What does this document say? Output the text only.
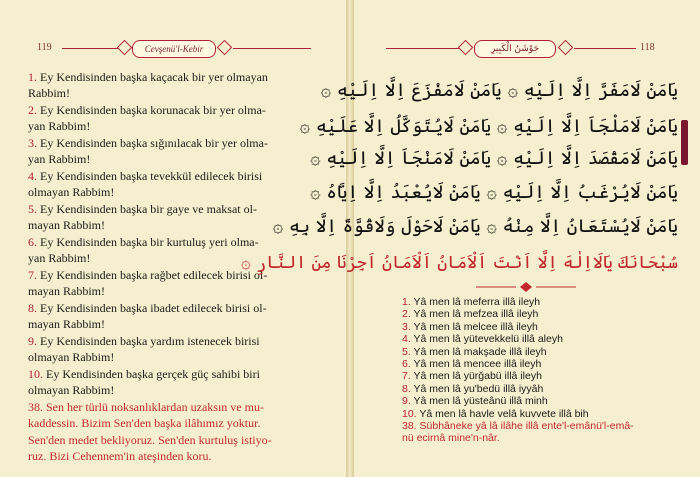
119	Cevşenü'l-Kebir

1. Ey Kendisinden başka kaçacak bir yer olmayan

Rabbim!

2. Ey Kendisinden başka korunacak bir yer olma-

yan Rabbim!

3. Ey Kendisinden başka sığınılacak bir yer olma-

yan Rabbim!

4. Ey Kendisinden başka tevekkül edilecek birisi

olmayan Rabbim!

5. Ey Kendisinden başka bir gaye ve maksat ol-

mayan Rabbim!

6. Ey Kendisinden başka bir kurtuluş yeri olma-

yan Rabbim!

7. Ey Kendisinden başka rağbet edilecek birisi ol-

mayan Rabbim!

8. Ey Kendisinden başka ibadet edilecek birisi ol-

mayan Rabbim!

9. Ey Kendisinden başka yardım istenecek birisi

olmayan Rabbim!

10. Ey Kendisinden başka gerçek güç sahibi biri

olmayan Rabbim!

38. Sen her türlü noksanlıklardan uzaksın ve mu-

kaddessin. Bizim Sen'den başka ilâhımız yoktur.

Sen'den medet bekliyoruz. Sen'den kurtuluş istiyo-

ruz. Bizi Cehennem'in ateşinden koru.

جَوْشَنُ الْكَبِيرِ	118
يَامَنْ لَامَفَرَّ اِلَّا اِلَيْهِ ۞ يَامَنْ لَامَفْزَعَ اِلَّا اِلَيْهِ ۞
يَامَنْ لَامَلْجَاَ اِلَّا اِلَيْهِ ۞ يَامَنْ لَايُتَوَكَّلُ اِلَّا عَلَيْهِ ۞
يَامَنْ لَامَقْصَدَ اِلَّا اِلَيْهِ ۞ يَامَنْ لَامَنْجَاَ اِلَّا اِلَيْهِ ۞
يَامَنْ لَايُرْغَبُ اِلَّا اِلَيْهِ ۞ يَامَنْ لَايُعْبَدُ اِلَّا اِيَّاهُ ۞
يَامَنْ لَايُسْتَعَانُ اِلَّا مِنْهُ ۞ يَامَنْ لَاحَوْلَ وَلَاقُوَّةَ اِلَّا بِهِ ۞
سُبْحَانَكَ يَالَااِلٰهَ اِلَّا اَنْتَ اَلْاَمَانُ اَلْاَمَانُ اَجِرْنَا مِنَ النَّارِ ۞

1. Yâ men lâ meferra illâ ileyh

2. Yâ men lâ mefzea illâ ileyh

3. Yâ men lâ melcee illâ ileyh

4. Yâ men lâ yütevekkelü illâ aleyh

5. Yâ men lâ makşade illâ ileyh

6. Yâ men lâ mencee illâ ileyh

7. Yâ men lâ yürğabü illâ ileyh

8. Yâ men lâ yu'bedü illâ iyyâh

9. Yâ men lâ yüsteânü illâ minh

10. Yâ men lâ havle velâ kuvvete illâ bih

38. Sübhâneke yâ lâ ilâhe illâ ente'l-emânü'l-emâ-

nü ecirnâ mine'n-nâr.
